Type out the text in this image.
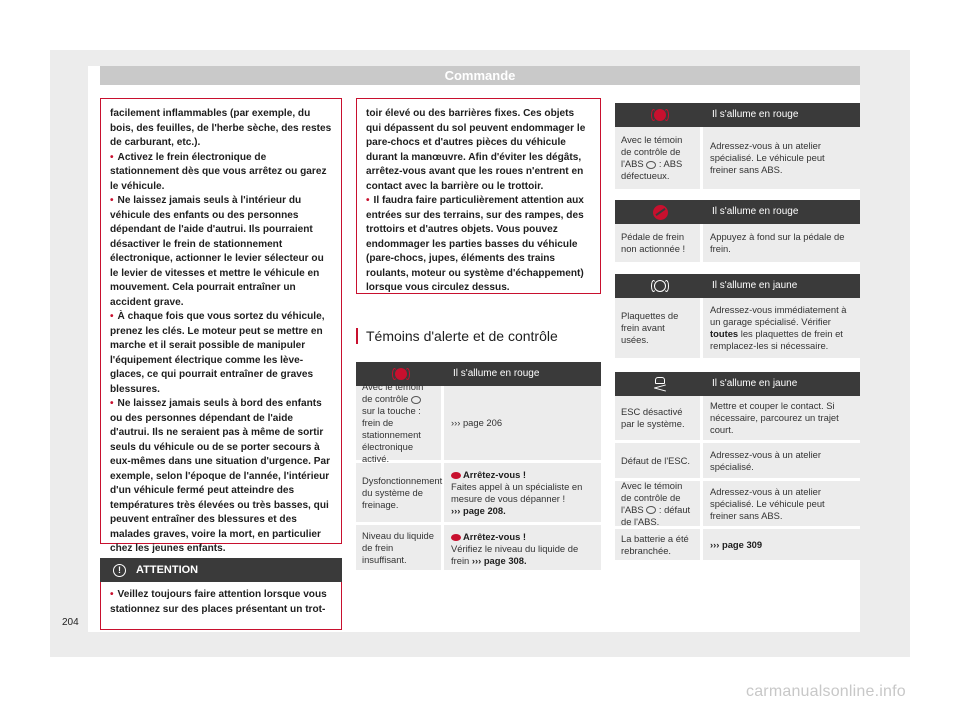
Commande

facilement inflammables (par exemple, du bois, des feuilles, de l'herbe sèche, des restes de carburant, etc.).

• Activez le frein électronique de stationnement dès que vous arrêtez ou garez le véhicule.

• Ne laissez jamais seuls à l'intérieur du véhicule des enfants ou des personnes dépendant de l'aide d'autrui. Ils pourraient désactiver le frein de stationnement électronique, actionner le levier sélecteur ou le levier de vitesses et mettre le véhicule en mouvement. Cela pourrait entraîner un accident grave.

• À chaque fois que vous sortez du véhicule, prenez les clés. Le moteur peut se mettre en marche et il serait possible de manipuler l'équipement électrique comme les lève-glaces, ce qui pourrait entraîner de graves blessures.

• Ne laissez jamais seuls à bord des enfants ou des personnes dépendant de l'aide d'autrui. Ils ne seraient pas à même de sortir seuls du véhicule ou de se porter secours à eux-mêmes dans une situation d'urgence. Par exemple, selon l'époque de l'année, l'intérieur d'un véhicule fermé peut atteindre des températures très élevées ou très basses, qui peuvent entraîner des blessures et des malades graves, voire la mort, en particulier chez les jeunes enfants.

!	ATTENTION
• Veillez toujours faire attention lorsque vous stationnez sur des places présentant un trot-

toir élevé ou des barrières fixes. Ces objets qui dépassent du sol peuvent endommager le pare-chocs et d'autres pièces du véhicule durant la manœuvre. Afin d'éviter les dégâts, arrêtez-vous avant que les roues n'entrent en contact avec la barrière ou le trottoir.

• Il faudra faire particulièrement attention aux entrées sur des terrains, sur des rampes, des trottoirs et d'autres objets. Vous pouvez endommager les parties basses du véhicule (pare-chocs, jupes, éléments des trains roulants, moteur ou système d'échappement) lorsque vous circulez dessus.

Témoins d'alerte et de contrôle
Il s'allume en rouge
Avec le témoin de contrôle  sur la touche : frein de stationnement électronique activé.
››› page 206
Dysfonctionnement du système de freinage.
Arrêtez-vous !
Faites appel à un spécialiste en mesure de vous dépanner !
››› page 208.
Niveau du liquide de frein insuffisant.
Arrêtez-vous !
Vérifiez le niveau du liquide de frein ››› page 308.
Il s'allume en rouge
Avec le témoin de contrôle de l'ABS : ABS défectueux.
Adressez-vous à un atelier spécialisé. Le véhicule peut freiner sans ABS.
Il s'allume en rouge
Pédale de frein non actionnée !
Appuyez à fond sur la pédale de frein.
Il s'allume en jaune
Plaquettes de frein avant usées.
Adressez-vous immédiatement à un garage spécialisé. Vérifier toutes les plaquettes de frein et remplacez-les si nécessaire.
Il s'allume en jaune
ESC désactivé par le système.
Mettre et couper le contact. Si nécessaire, parcourez un trajet court.
Défaut de l'ESC.
Adressez-vous à un atelier spécialisé.
Avec le témoin de contrôle de l'ABS : défaut de l'ABS.
Adressez-vous à un atelier spécialisé. Le véhicule peut freiner sans ABS.
La batterie a été rebranchée.
››› page 309
204
carmanualsonline.info
